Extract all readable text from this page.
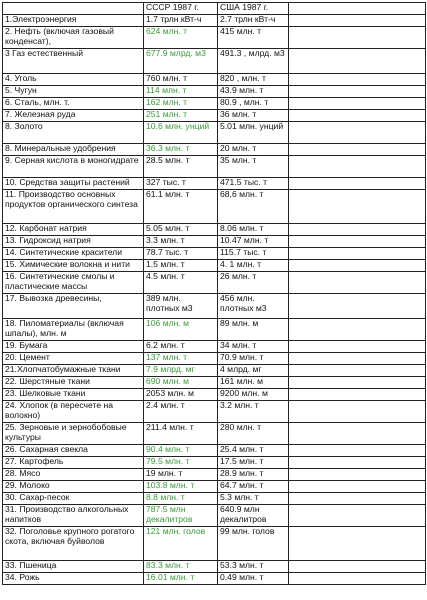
	СССР 1987 г.	США 1987 г.	
1.Электроэнергия	1.7 трлн кВт-ч	2.7 трлн кВт-ч	
2. Нефть (включая газовый конденсат),	624 млн. т	415 млн. т	
3 Газ естественный	677.9 млрд. м3	491.3 , млрд. м3	
4. Уголь	760 млн. т	820 , млн. т	
5. Чугун	114 млн. т	43.9 млн. т	
6. Сталь, млн. т.	162 млн. т	80.9 , млн. т	
7. Железная руда	251 млн. т	36 млн. т	
8. Золото	10.6 млн. унций	5.01 млн. унций	
8. Минеральные удобрения	36.3 млн. т	20 млн. т	
9. Серная кислота в моногидрате	28.5 млн. т	35 млн. т	
10. Средства защиты растений	327 тыс. т	471.5 тыс. т	
11. Производство основных продуктов органического синтеза	61.1 млн. т	68,6 млн. т	
12. Карбонат натрия	5.05 млн. т	8.06 млн. т	
13. Гидроксид натрия	3.3 млн. т	10.47 млн. т	
14. Синтетические красители	78.7 тыс. т	115.7 тыс. т	
15. Химические волокна и нити	1.5 млн. т	4. 1 млн. т	
16. Синтетические смолы и пластические массы	4.5 млн. т	26 млн. т	
17. Вывозка древесины,	389 млн. плотных м3	456 млн. плотных м3	
18. Пиломатериалы (включая шпалы), млн. м	106 млн. м	89 млн. м	
19. Бумага	6.2 млн. т	34 млн. т	
20. Цемент	137 млн. т	70.9 млн. т	
21.Хлопчатобумажные ткани	7.9 млрд. мг	4 млрд. мг	
22. Шерстяные ткани	690 млн. м	161 млн. м	
23. Шелковые ткани	2053 млн. м	9200 млн. м	
24. Хлопок (в пересчете на волокно)	2.4 млн. т	3.2 млн. т	
25. Зерновые и зернобобовые культуры	211.4 млн. т	280 млн. т	
26. Сахарная свекла	90.4 млн. т	25.4 млн. т	
27. Картофель	79.5 млн. т	17.5 млн. т	
28. Мясо	19 млн. т	28.9 млн. т	
29. Молоко	103.8 млн. т	64.7 млн. т	
30. Сахар-песок	8.8 млн. т	5.3 млн. т	
31. Производство алкогольных напитков	787.5 млн декалитров	640.9 млн декалитров	
32. Поголовье крупного рогатого скота, включая буйволов	121 млн. голов	99 млн. голов	
33. Пшеница	83.3 млн. т	53.3 млн. т	
34. Рожь	16.01 млн. т	0.49 млн. т	
